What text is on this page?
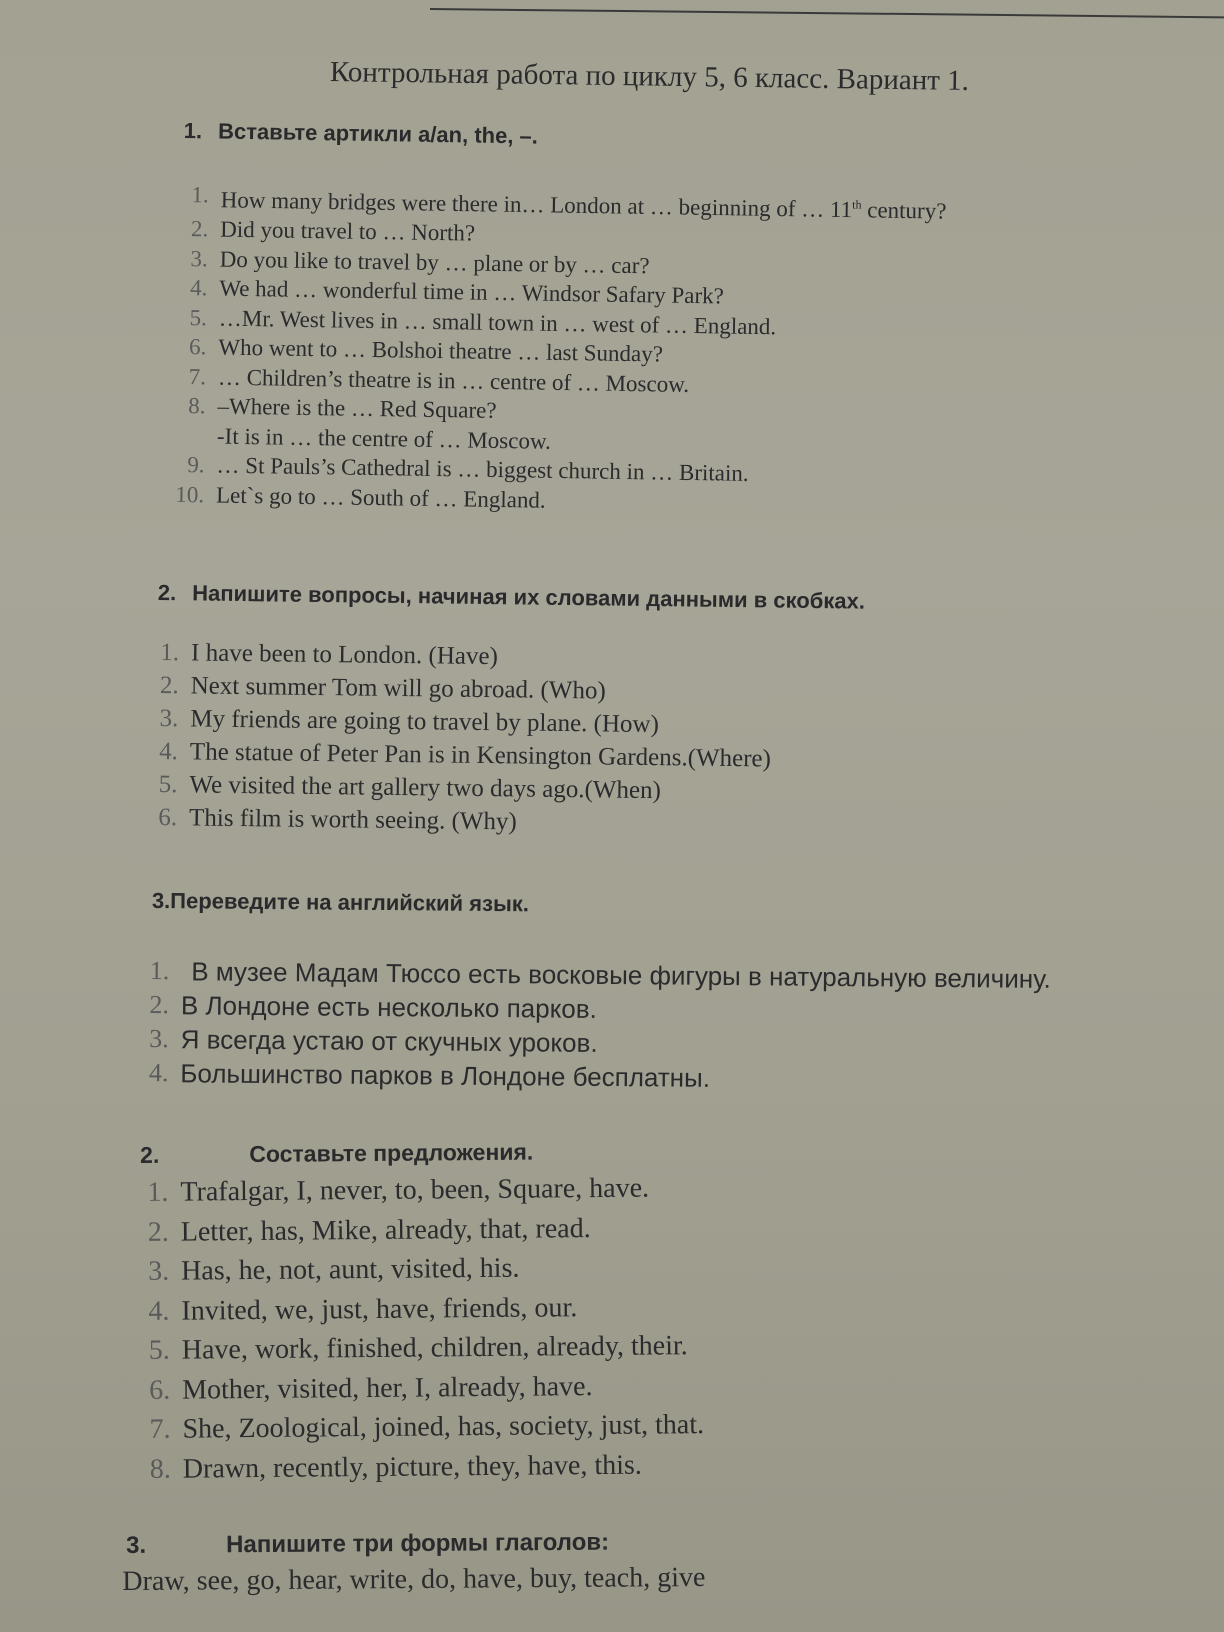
Контрольная работа по циклу 5, 6 класс. Вариант 1.
1. Вставьте артикли a/an, the, –.
1. How many bridges were there in… London at … beginning of … 11th century?
2. Did you travel to … North?
3. Do you like to travel by … plane or by … car?
4. We had … wonderful time in … Windsor Safary Park?
5. …Mr. West lives in … small town in … west of … England.
6. Who went to … Bolshoi theatre … last Sunday?
7. … Children’s theatre is in … centre of … Moscow.
8. –Where is the … Red Square?
-It is in … the centre of … Moscow.
9. … St Pauls’s Cathedral is … biggest church in … Britain.
10. Let`s go to … South of … England.
2. Напишите вопросы, начиная их словами данными в скобках.
1. I have been to London. (Have)
2. Next summer Tom will go abroad. (Who)
3. My friends are going to travel by plane. (How)
4. The statue of Peter Pan is in Kensington Gardens.(Where)
5. We visited the art gallery two days ago.(When)
6. This film is worth seeing. (Why)
3.Переведите на английский язык.
1. В музее Мадам Тюссо есть восковые фигуры в натуральную величину.
2. В Лондоне есть несколько парков.
3. Я всегда устаю от скучных уроков.
4. Большинство парков в Лондоне бесплатны.
2.	Составьте предложения.
1. Trafalgar, I, never, to, been, Square, have.
2. Letter, has, Mike, already, that, read.
3. Has, he, not, aunt, visited, his.
4. Invited, we, just, have, friends, our.
5. Have, work, finished, children, already, their.
6. Mother, visited, her, I, already, have.
7. She, Zoological, joined, has, society, just, that.
8. Drawn, recently, picture, they, have, this.
3.	Напишите три формы глаголов:
Draw, see, go, hear, write, do, have, buy, teach, give
